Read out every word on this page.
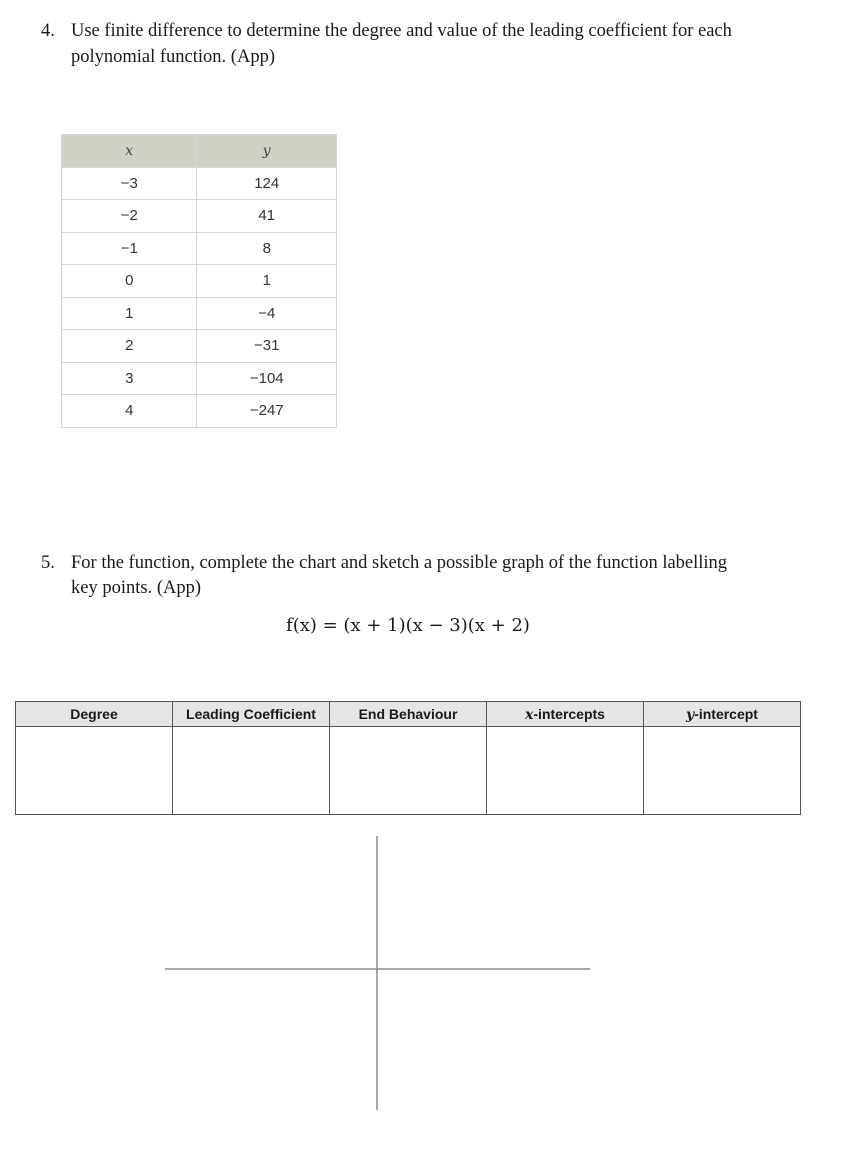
4. Use finite difference to determine the degree and value of the leading coefficient for each
polynomial function. (App)
x	y
−3	124
−2	41
−1	8
0	1
1	−4
2	−31
3	−104
4	−247
5. For the function, complete the chart and sketch a possible graph of the function labelling
key points. (App)
f(x) = (x + 1)(x − 3)(x + 2)
Degree	Leading Coefficient	End Behaviour	x-intercepts	y-intercept
